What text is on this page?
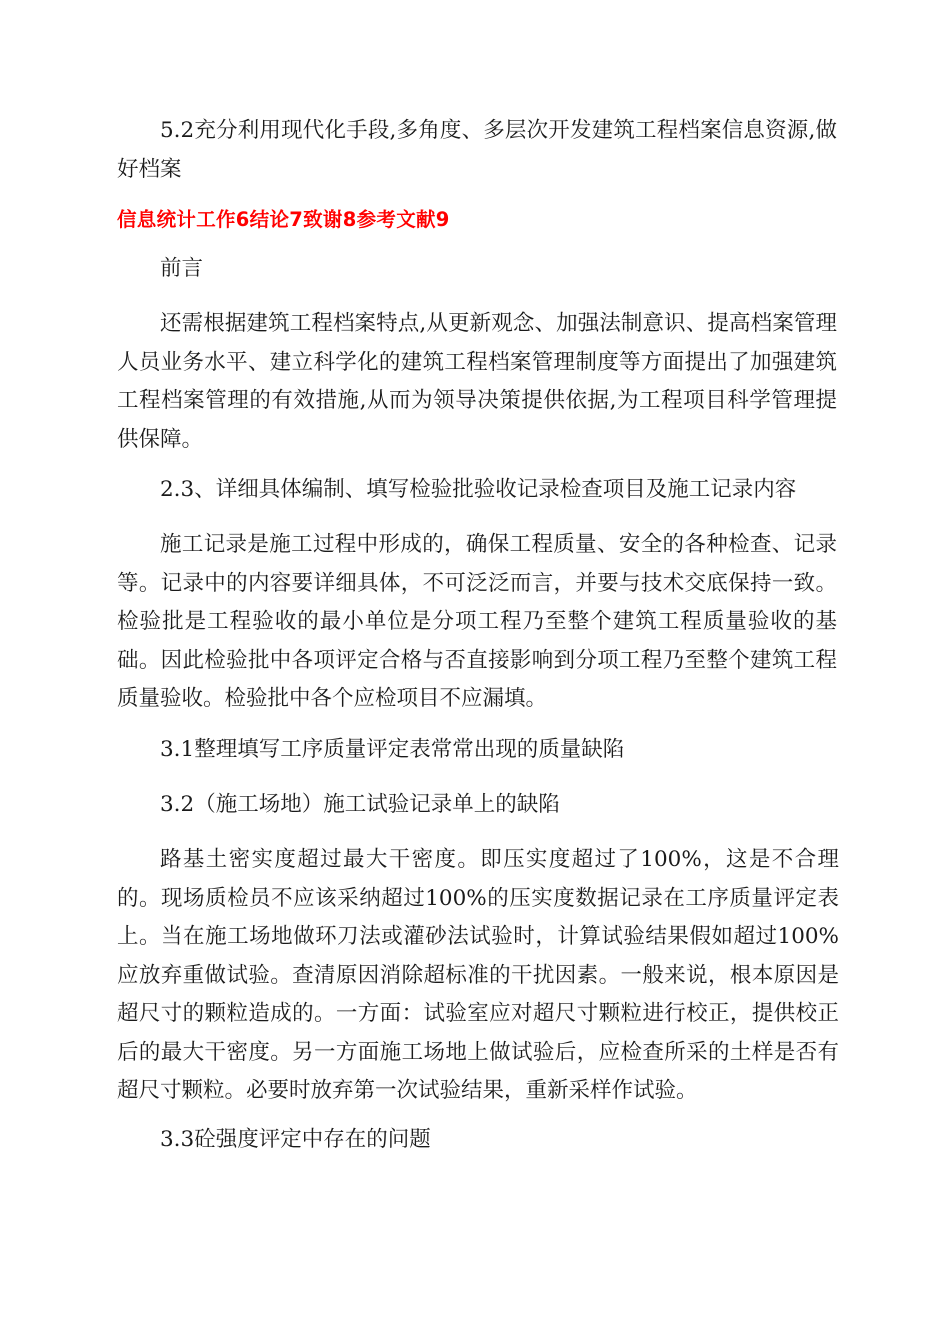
5.2充分利用现代化手段,多角度、多层次开发建筑工程档案信息资源,做好档案

信息统计工作6结论7致谢8参考文献9

前言

还需根据建筑工程档案特点,从更新观念、加强法制意识、提高档案管理人员业务水平、建立科学化的建筑工程档案管理制度等方面提出了加强建筑工程档案管理的有效措施,从而为领导决策提供依据,为工程项目科学管理提供保障。

2.3、详细具体编制、填写检验批验收记录检查项目及施工记录内容

施工记录是施工过程中形成的，确保工程质量、安全的各种检查、记录等。记录中的内容要详细具体，不可泛泛而言，并要与技术交底保持一致。检验批是工程验收的最小单位是分项工程乃至整个建筑工程质量验收的基础。因此检验批中各项评定合格与否直接影响到分项工程乃至整个建筑工程质量验收。检验批中各个应检项目不应漏填。

3.1整理填写工序质量评定表常常出现的质量缺陷

3.2（施工场地）施工试验记录单上的缺陷

路基土密实度超过最大干密度。即压实度超过了100%，这是不合理的。现场质检员不应该采纳超过100%的压实度数据记录在工序质量评定表上。当在施工场地做环刀法或灌砂法试验时，计算试验结果假如超过100%应放弃重做试验。查清原因消除超标准的干扰因素。一般来说，根本原因是超尺寸的颗粒造成的。一方面：试验室应对超尺寸颗粒进行校正，提供校正后的最大干密度。另一方面施工场地上做试验后，应检查所采的土样是否有超尺寸颗粒。必要时放弃第一次试验结果，重新采样作试验。

3.3砼强度评定中存在的问题
